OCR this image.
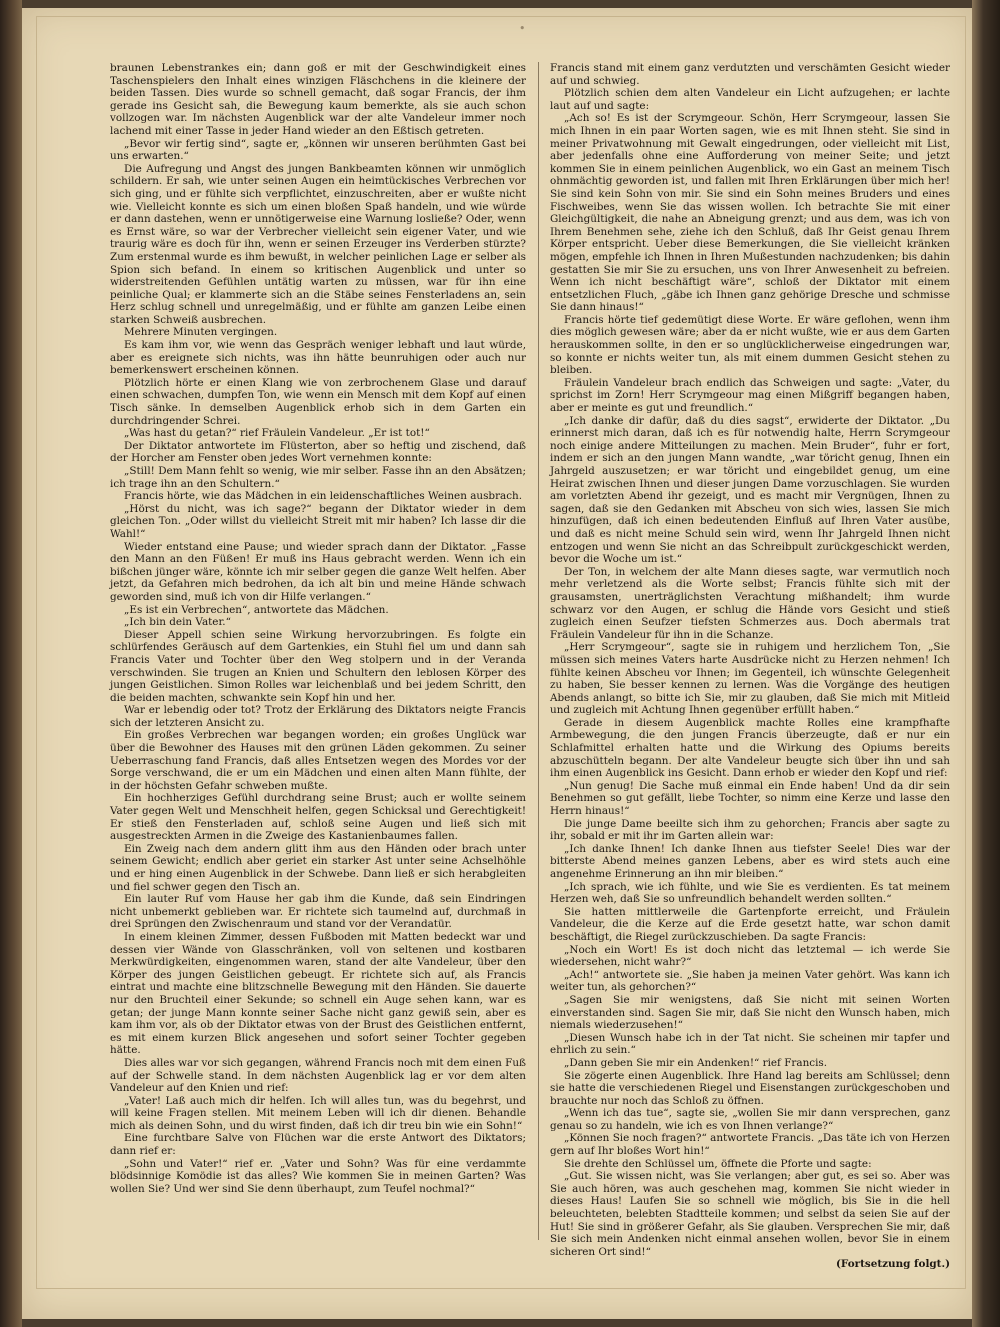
•

braunen Lebenstrankes ein; dann goß er mit der Geschwindigkeit eines Taschenspielers den Inhalt eines winzigen Fläschchens in die kleinere der beiden Tassen. Dies wurde so schnell gemacht, daß sogar Francis, der ihm gerade ins Gesicht sah, die Bewegung kaum bemerkte, als sie auch schon vollzogen war. Im nächsten Augenblick war der alte Vandeleur immer noch lachend mit einer Tasse in jeder Hand wieder an den Eßtisch getreten.

„Bevor wir fertig sind“, sagte er, „können wir unseren berühmten Gast bei uns erwarten.“

Die Aufregung und Angst des jungen Bankbeamten können wir unmöglich schildern. Er sah, wie unter seinen Augen ein heimtückisches Verbrechen vor sich ging, und er fühlte sich verpflichtet, einzuschreiten, aber er wußte nicht wie. Vielleicht konnte es sich um einen bloßen Spaß handeln, und wie würde er dann dastehen, wenn er unnötigerweise eine Warnung losließe? Oder, wenn es Ernst wäre, so war der Verbrecher vielleicht sein eigener Vater, und wie traurig wäre es doch für ihn, wenn er seinen Erzeuger ins Verderben stürzte? Zum erstenmal wurde es ihm bewußt, in welcher peinlichen Lage er selber als Spion sich befand. In einem so kritischen Augenblick und unter so widerstreitenden Gefühlen untätig warten zu müssen, war für ihn eine peinliche Qual; er klammerte sich an die Stäbe seines Fensterladens an, sein Herz schlug schnell und unregelmäßig, und er fühlte am ganzen Leibe einen starken Schweiß ausbrechen.

Mehrere Minuten vergingen.

Es kam ihm vor, wie wenn das Gespräch weniger lebhaft und laut würde, aber es ereignete sich nichts, was ihn hätte beunruhigen oder auch nur bemerkenswert erscheinen können.

Plötzlich hörte er einen Klang wie von zerbrochenem Glase und darauf einen schwachen, dumpfen Ton, wie wenn ein Mensch mit dem Kopf auf einen Tisch sänke. In demselben Augenblick erhob sich in dem Garten ein durchdringender Schrei.

„Was hast du getan?“ rief Fräulein Vandeleur. „Er ist tot!“

Der Diktator antwortete im Flüsterton, aber so heftig und zischend, daß der Horcher am Fenster oben jedes Wort vernehmen konnte:

„Still! Dem Mann fehlt so wenig, wie mir selber. Fasse ihn an den Absätzen; ich trage ihn an den Schultern.“

Francis hörte, wie das Mädchen in ein leidenschaftliches Weinen ausbrach.

„Hörst du nicht, was ich sage?“ begann der Diktator wieder in dem gleichen Ton. „Oder willst du vielleicht Streit mit mir haben? Ich lasse dir die Wahl!“

Wieder entstand eine Pause; und wieder sprach dann der Diktator. „Fasse den Mann an den Füßen! Er muß ins Haus gebracht werden. Wenn ich ein bißchen jünger wäre, könnte ich mir selber gegen die ganze Welt helfen. Aber jetzt, da Gefahren mich bedrohen, da ich alt bin und meine Hände schwach geworden sind, muß ich von dir Hilfe verlangen.“

„Es ist ein Verbrechen“, antwortete das Mädchen.

„Ich bin dein Vater.“

Dieser Appell schien seine Wirkung hervorzubringen. Es folgte ein schlürfendes Geräusch auf dem Gartenkies, ein Stuhl fiel um und dann sah Francis Vater und Tochter über den Weg stolpern und in der Veranda verschwinden. Sie trugen an Knien und Schultern den leblosen Körper des jungen Geistlichen. Simon Rolles war leichenblaß und bei jedem Schritt, den die beiden machten, schwankte sein Kopf hin und her.

War er lebendig oder tot? Trotz der Erklärung des Diktators neigte Francis sich der letzteren Ansicht zu.

Ein großes Verbrechen war begangen worden; ein großes Unglück war über die Bewohner des Hauses mit den grünen Läden gekommen. Zu seiner Ueberraschung fand Francis, daß alles Entsetzen wegen des Mordes vor der Sorge verschwand, die er um ein Mädchen und einen alten Mann fühlte, der in der höchsten Gefahr schweben mußte.

Ein hochherziges Gefühl durchdrang seine Brust; auch er wollte seinem Vater gegen Welt und Menschheit helfen, gegen Schicksal und Gerechtigkeit! Er stieß den Fensterladen auf, schloß seine Augen und ließ sich mit ausgestreckten Armen in die Zweige des Kastanienbaumes fallen.

Ein Zweig nach dem andern glitt ihm aus den Händen oder brach unter seinem Gewicht; endlich aber geriet ein starker Ast unter seine Achselhöhle und er hing einen Augenblick in der Schwebe. Dann ließ er sich herabgleiten und fiel schwer gegen den Tisch an.

Ein lauter Ruf vom Hause her gab ihm die Kunde, daß sein Eindringen nicht unbemerkt geblieben war. Er richtete sich taumelnd auf, durchmaß in drei Sprüngen den Zwischenraum und stand vor der Verandatür.

In einem kleinen Zimmer, dessen Fußboden mit Matten bedeckt war und dessen vier Wände von Glasschränken, voll von seltenen und kostbaren Merkwürdigkeiten, eingenommen waren, stand der alte Vandeleur, über den Körper des jungen Geistlichen gebeugt. Er richtete sich auf, als Francis eintrat und machte eine blitzschnelle Bewegung mit den Händen. Sie dauerte nur den Bruchteil einer Sekunde; so schnell ein Auge sehen kann, war es getan; der junge Mann konnte seiner Sache nicht ganz gewiß sein, aber es kam ihm vor, als ob der Diktator etwas von der Brust des Geistlichen entfernt, es mit einem kurzen Blick angesehen und sofort seiner Tochter gegeben hätte.

Dies alles war vor sich gegangen, während Francis noch mit dem einen Fuß auf der Schwelle stand. In dem nächsten Augenblick lag er vor dem alten Vandeleur auf den Knien und rief:

„Vater! Laß auch mich dir helfen. Ich will alles tun, was du begehrst, und will keine Fragen stellen. Mit meinem Leben will ich dir dienen. Behandle mich als deinen Sohn, und du wirst finden, daß ich dir treu bin wie ein Sohn!“

Eine furchtbare Salve von Flüchen war die erste Antwort des Diktators; dann rief er:

„Sohn und Vater!“ rief er. „Vater und Sohn? Was für eine verdammte blödsinnige Komödie ist das alles? Wie kommen Sie in meinen Garten? Was wollen Sie? Und wer sind Sie denn überhaupt, zum Teufel nochmal?“

Francis stand mit einem ganz verdutzten und verschämten Gesicht wieder auf und schwieg.

Plötzlich schien dem alten Vandeleur ein Licht aufzugehen; er lachte laut auf und sagte:

„Ach so! Es ist der Scrymgeour. Schön, Herr Scrymgeour, lassen Sie mich Ihnen in ein paar Worten sagen, wie es mit Ihnen steht. Sie sind in meiner Privatwohnung mit Gewalt eingedrungen, oder vielleicht mit List, aber jedenfalls ohne eine Aufforderung von meiner Seite; und jetzt kommen Sie in einem peinlichen Augenblick, wo ein Gast an meinem Tisch ohnmächtig geworden ist, und fallen mit Ihren Erklärungen über mich her! Sie sind kein Sohn von mir. Sie sind ein Sohn meines Bruders und eines Fischweibes, wenn Sie das wissen wollen. Ich betrachte Sie mit einer Gleichgültigkeit, die nahe an Abneigung grenzt; und aus dem, was ich von Ihrem Benehmen sehe, ziehe ich den Schluß, daß Ihr Geist genau Ihrem Körper entspricht. Ueber diese Bemerkungen, die Sie vielleicht kränken mögen, empfehle ich Ihnen in Ihren Mußestunden nachzudenken; bis dahin gestatten Sie mir Sie zu ersuchen, uns von Ihrer Anwesenheit zu befreien. Wenn ich nicht beschäftigt wäre“, schloß der Diktator mit einem entsetzlichen Fluch, „gäbe ich Ihnen ganz gehörige Dresche und schmisse Sie dann hinaus!“

Francis hörte tief gedemütigt diese Worte. Er wäre geflohen, wenn ihm dies möglich gewesen wäre; aber da er nicht wußte, wie er aus dem Garten herauskommen sollte, in den er so unglücklicherweise eingedrungen war, so konnte er nichts weiter tun, als mit einem dummen Gesicht stehen zu bleiben.

Fräulein Vandeleur brach endlich das Schweigen und sagte: „Vater, du sprichst im Zorn! Herr Scrymgeour mag einen Mißgriff begangen haben, aber er meinte es gut und freundlich.“

„Ich danke dir dafür, daß du dies sagst“, erwiderte der Diktator. „Du erinnerst mich daran, daß ich es für notwendig halte, Herrn Scrymgeour noch einige andere Mitteilungen zu machen. Mein Bruder“, fuhr er fort, indem er sich an den jungen Mann wandte, „war töricht genug, Ihnen ein Jahrgeld auszusetzen; er war töricht und eingebildet genug, um eine Heirat zwischen Ihnen und dieser jungen Dame vorzuschlagen. Sie wurden am vorletzten Abend ihr gezeigt, und es macht mir Vergnügen, Ihnen zu sagen, daß sie den Gedanken mit Abscheu von sich wies, lassen Sie mich hinzufügen, daß ich einen bedeutenden Einfluß auf Ihren Vater ausübe, und daß es nicht meine Schuld sein wird, wenn Ihr Jahrgeld Ihnen nicht entzogen und wenn Sie nicht an das Schreibpult zurückgeschickt werden, bevor die Woche um ist.“

Der Ton, in welchem der alte Mann dieses sagte, war vermutlich noch mehr verletzend als die Worte selbst; Francis fühlte sich mit der grausamsten, unerträglichsten Verachtung mißhandelt; ihm wurde schwarz vor den Augen, er schlug die Hände vors Gesicht und stieß zugleich einen Seufzer tiefsten Schmerzes aus. Doch abermals trat Fräulein Vandeleur für ihn in die Schanze.

„Herr Scrymgeour“, sagte sie in ruhigem und herzlichem Ton, „Sie müssen sich meines Vaters harte Ausdrücke nicht zu Herzen nehmen! Ich fühlte keinen Abscheu vor Ihnen; im Gegenteil, ich wünschte Gelegenheit zu haben, Sie besser kennen zu lernen. Was die Vorgänge des heutigen Abends anlangt, so bitte ich Sie, mir zu glauben, daß Sie mich mit Mitleid und zugleich mit Achtung Ihnen gegenüber erfüllt haben.“

Gerade in diesem Augenblick machte Rolles eine krampfhafte Armbewegung, die den jungen Francis überzeugte, daß er nur ein Schlafmittel erhalten hatte und die Wirkung des Opiums bereits abzuschütteln begann. Der alte Vandeleur beugte sich über ihn und sah ihm einen Augenblick ins Gesicht. Dann erhob er wieder den Kopf und rief:

„Nun genug! Die Sache muß einmal ein Ende haben! Und da dir sein Benehmen so gut gefällt, liebe Tochter, so nimm eine Kerze und lasse den Herrn hinaus!“

Die junge Dame beeilte sich ihm zu gehorchen; Francis aber sagte zu ihr, sobald er mit ihr im Garten allein war:

„Ich danke Ihnen! Ich danke Ihnen aus tiefster Seele! Dies war der bitterste Abend meines ganzen Lebens, aber es wird stets auch eine angenehme Erinnerung an ihn mir bleiben.“

„Ich sprach, wie ich fühlte, und wie Sie es verdienten. Es tat meinem Herzen weh, daß Sie so unfreundlich behandelt werden sollten.“

Sie hatten mittlerweile die Gartenpforte erreicht, und Fräulein Vandeleur, die die Kerze auf die Erde gesetzt hatte, war schon damit beschäftigt, die Riegel zurückzuschieben. Da sagte Francis:

„Noch ein Wort! Es ist doch nicht das letztemal — ich werde Sie wiedersehen, nicht wahr?“

„Ach!“ antwortete sie. „Sie haben ja meinen Vater gehört. Was kann ich weiter tun, als gehorchen?“

„Sagen Sie mir wenigstens, daß Sie nicht mit seinen Worten einverstanden sind. Sagen Sie mir, daß Sie nicht den Wunsch haben, mich niemals wiederzusehen!“

„Diesen Wunsch habe ich in der Tat nicht. Sie scheinen mir tapfer und ehrlich zu sein.“

„Dann geben Sie mir ein Andenken!“ rief Francis.

Sie zögerte einen Augenblick. Ihre Hand lag bereits am Schlüssel; denn sie hatte die verschiedenen Riegel und Eisenstangen zurückgeschoben und brauchte nur noch das Schloß zu öffnen.

„Wenn ich das tue“, sagte sie, „wollen Sie mir dann versprechen, ganz genau so zu handeln, wie ich es von Ihnen verlange?“

„Können Sie noch fragen?“ antwortete Francis. „Das täte ich von Herzen gern auf Ihr bloßes Wort hin!“

Sie drehte den Schlüssel um, öffnete die Pforte und sagte:

„Gut. Sie wissen nicht, was Sie verlangen; aber gut, es sei so. Aber was Sie auch hören, was auch geschehen mag, kommen Sie nicht wieder in dieses Haus! Laufen Sie so schnell wie möglich, bis Sie in die hell beleuchteten, belebten Stadtteile kommen; und selbst da seien Sie auf der Hut! Sie sind in größerer Gefahr, als Sie glauben. Versprechen Sie mir, daß Sie sich mein Andenken nicht einmal ansehen wollen, bevor Sie in einem sicheren Ort sind!“

(Fortsetzung folgt.)
